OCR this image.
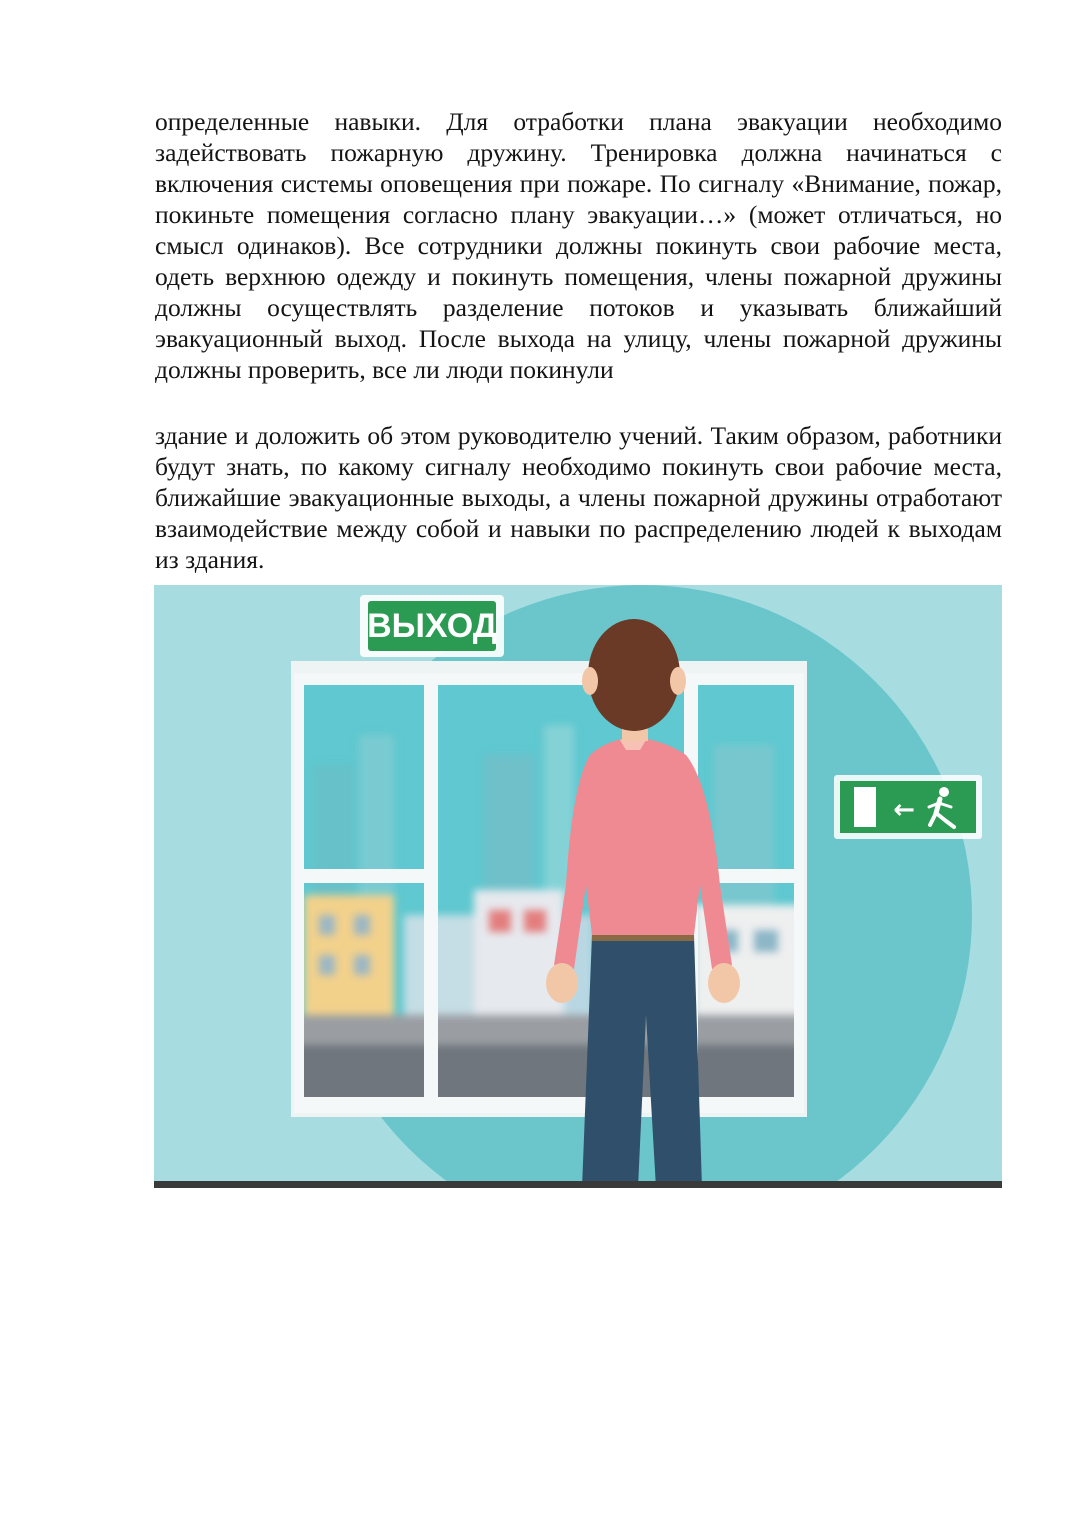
определенные навыки. Для отработки плана эвакуации необходимо задействовать пожарную дружину. Тренировка должна начинаться с включения системы оповещения при пожаре. По сигналу «Внимание, пожар, покиньте помещения согласно плану эвакуации…» (может отличаться, но смысл одинаков). Все сотрудники должны покинуть свои рабочие места, одеть верхнюю одежду и покинуть помещения, члены пожарной дружины должны осуществлять разделение потоков и указывать ближайший эвакуационный выход. После выхода на улицу, члены пожарной дружины должны проверить, все ли люди покинули

здание и доложить об этом руководителю учений. Таким образом, работники будут знать, по какому сигналу необходимо покинуть свои рабочие места, ближайшие эвакуационные выходы, а члены пожарной дружины отработают взаимодействие между собой и навыки по распределению людей к выходам из здания.

ВЫХОД
←
